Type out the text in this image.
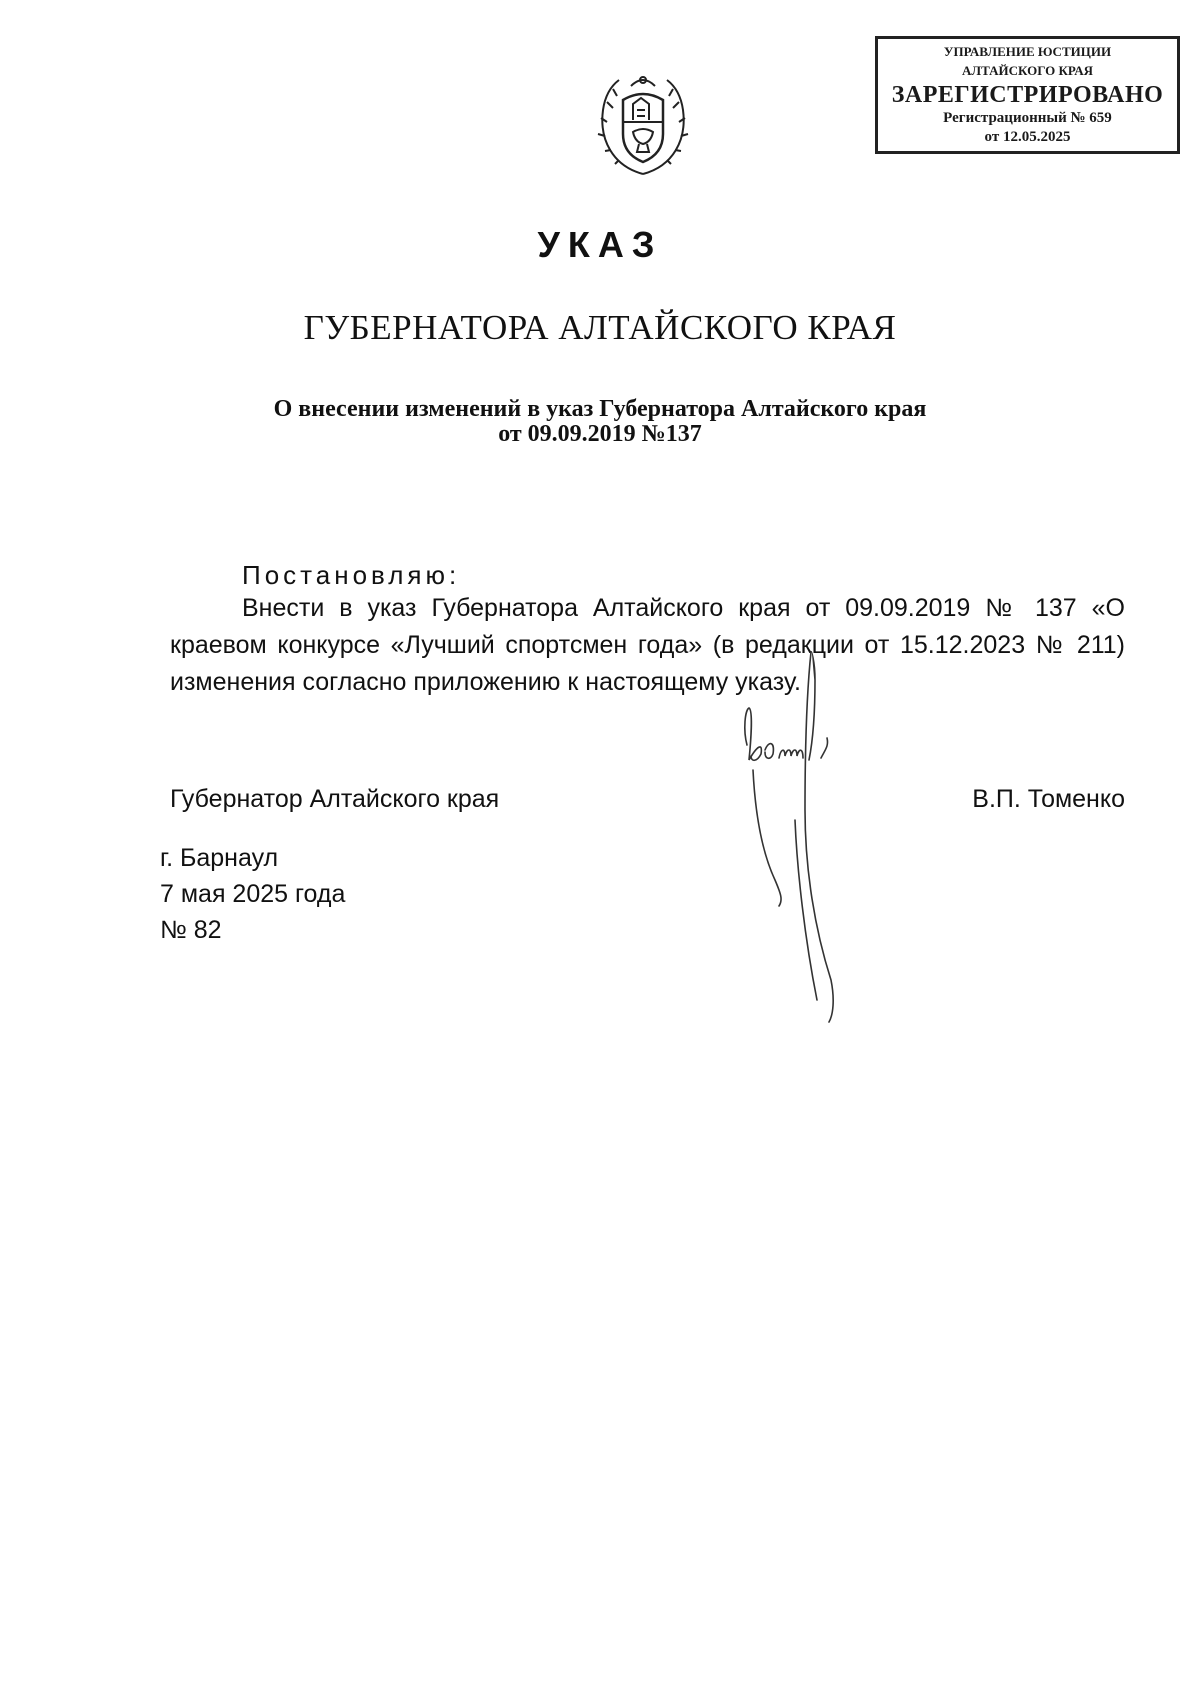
УПРАВЛЕНИЕ ЮСТИЦИИ
АЛТАЙСКОГО КРАЯ
ЗАРЕГИСТРИРОВАНО
Регистрационный № 659
от 12.05.2025
УКАЗ
ГУБЕРНАТОРА АЛТАЙСКОГО КРАЯ
О внесении изменений в указ Губернатора Алтайского края
от 09.09.2019 №137
Постановляю:
Внести в указ Губернатора Алтайского края от 09.09.2019 № 137 «О краевом конкурсе «Лучший спортсмен года» (в редакции от 15.12.2023 № 211) изменения согласно приложению к настоящему указу.
Губернатор Алтайского края	В.П. Томенко
г. Барнаул
7 мая 2025 года
№ 82
